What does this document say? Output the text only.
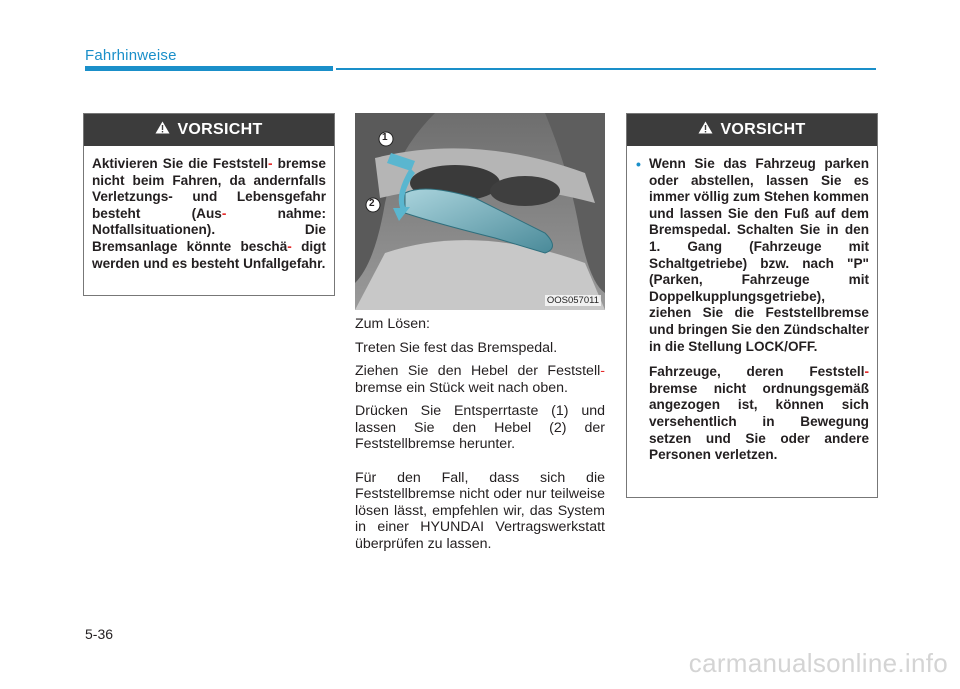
Fahrhinweise
VORSICHT

Aktivieren Sie die Feststell- bremse nicht beim Fahren, da andernfalls Verletzungs- und Lebensgefahr besteht (Aus-	nahme: Notfallsituationen). Die Bremsanlage könnte beschä- digt werden und es besteht Unfallgefahr.

1
2
OOS057011

Zum Lösen:

Treten Sie fest das Bremspedal.

Ziehen Sie den Hebel der Feststell- bremse ein Stück weit nach oben.

Drücken Sie Entsperrtaste (1) und lassen Sie den Hebel (2) der Feststellbremse herunter.

Für den Fall, dass sich die Feststellbremse nicht oder nur teilweise lösen lässt, empfehlen wir, das System in einer HYUNDAI Vertragswerkstatt überprüfen zu lassen.

VORSICHT
• Wenn Sie das Fahrzeug parken oder abstellen, lassen Sie es immer völlig zum Stehen kommen und lassen Sie den Fuß auf dem Bremspedal. Schalten Sie in den 1. Gang (Fahrzeuge mit Schaltgetriebe) bzw. nach "P" (Parken, Fahrzeuge mit Doppelkupplungsgetriebe), ziehen Sie die Feststellbremse und bringen Sie den Zündschalter in die Stellung LOCK/OFF.

Fahrzeuge, deren Feststell- bremse nicht ordnungsgemäß angezogen ist, können sich versehentlich in Bewegung setzen und Sie oder andere Personen verletzen.

5-36
carmanualsonline.info
